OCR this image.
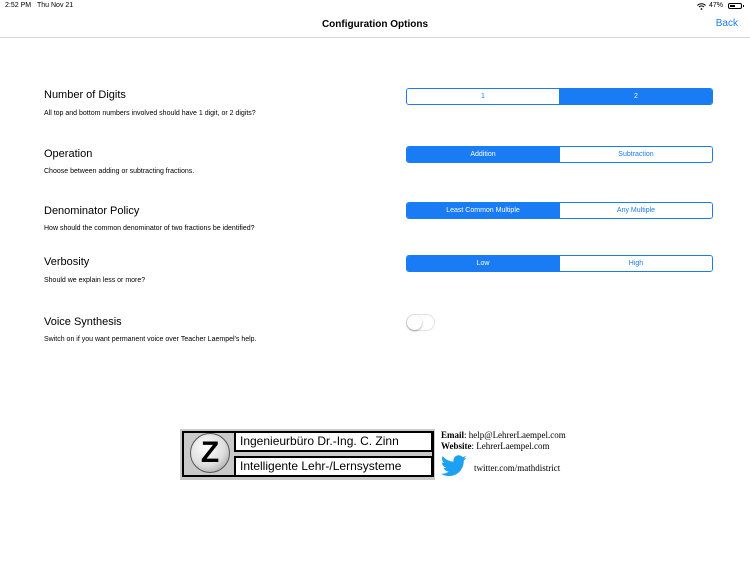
2:52 PM Thu Nov 21	47%
Configuration Options	Back
Number of Digits
All top and bottom numbers involved should have 1 digit, or 2 digits?
1	2
Operation
Choose between adding or subtracting fractions.
Addition	Subtraction
Denominator Policy
How should the common denominator of two fractions be identified?
Least Common Multiple	Any Multiple
Verbosity
Should we explain less or more?
Low	High
Voice Synthesis
Switch on if you want permanent voice over Teacher Laempel's help.
Z	Ingenieurbüro Dr.-Ing. C. Zinn
Intelligente Lehr-/Lernsysteme
Email: help@LehrerLaempel.com
Website: LehrerLaempel.com
twitter.com/mathdistrict
